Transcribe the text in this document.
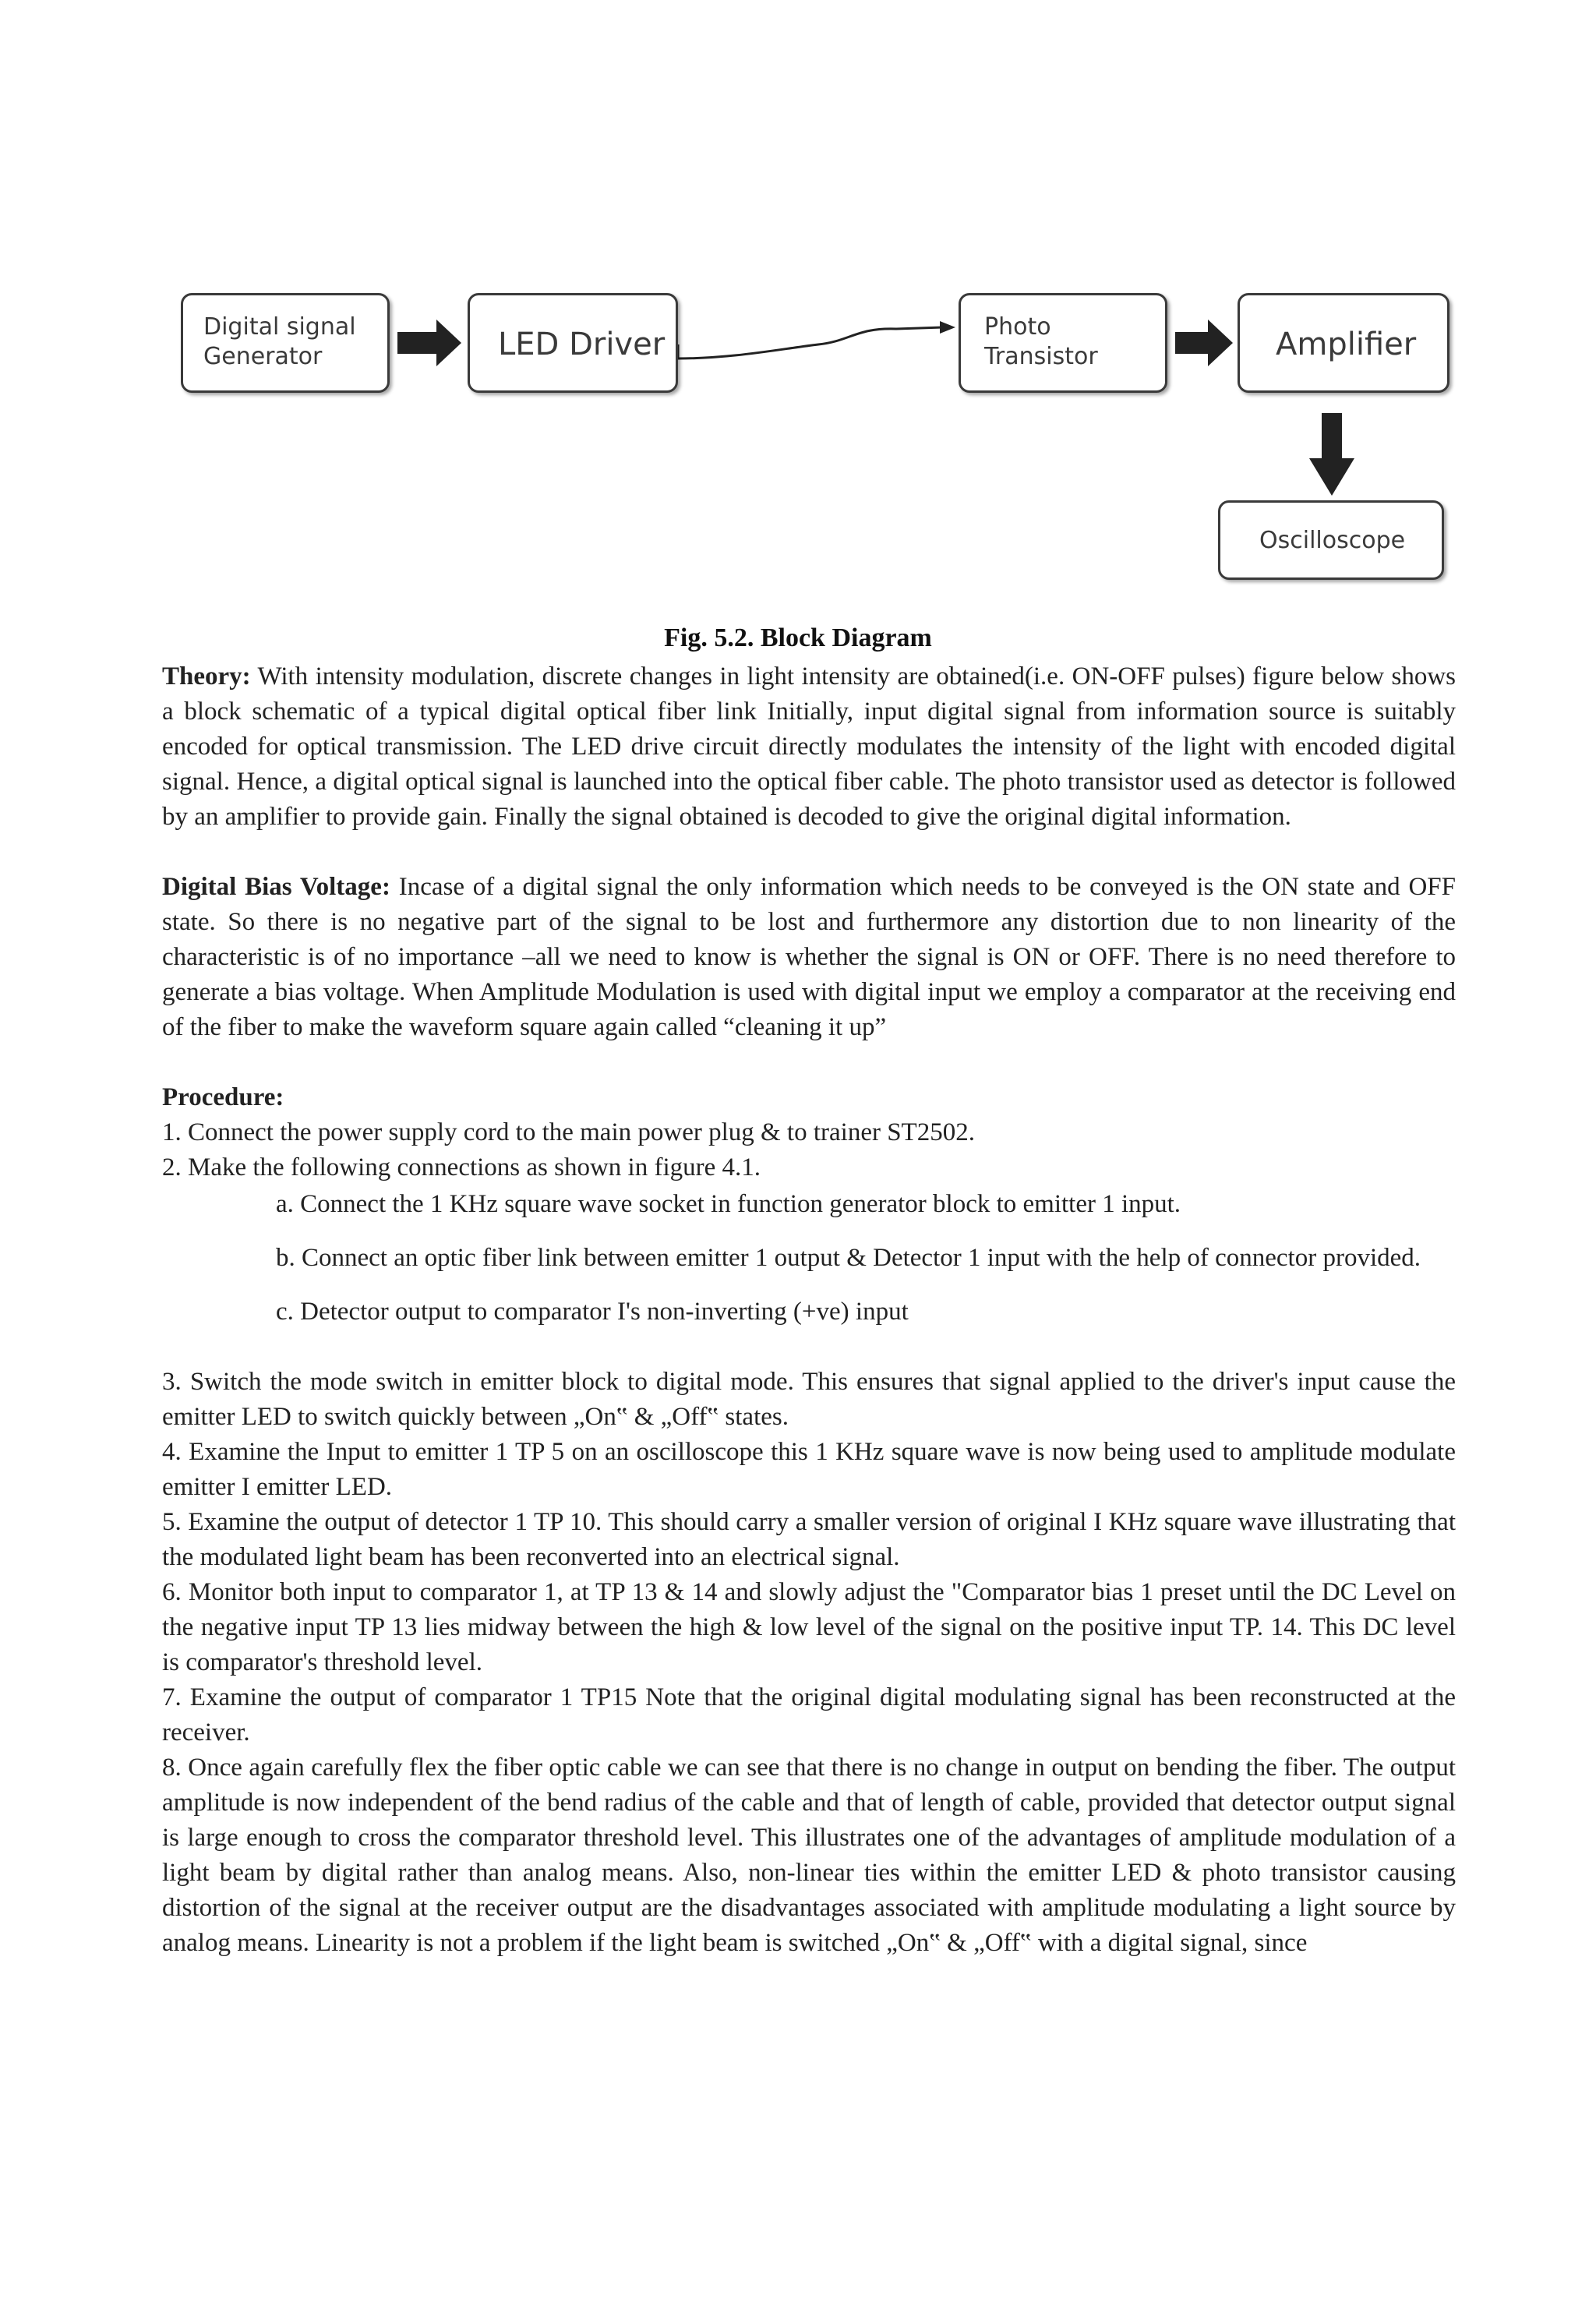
Digital signal
Generator	LED Driver	Photo
Transistor	Amplifier
Oscilloscope
Fig. 5.2. Block Diagram

Theory: With intensity modulation, discrete changes in light intensity are obtained(i.e. ON-OFF pulses) figure below shows a block schematic of a typical digital optical fiber link Initially, input digital signal from information source is suitably encoded for optical transmission. The LED drive circuit directly modulates the intensity of the light with encoded digital signal. Hence, a digital optical signal is launched into the optical fiber cable. The photo transistor used as detector is followed by an amplifier to provide gain. Finally the signal obtained is decoded to give the original digital information.

Digital Bias Voltage: Incase of a digital signal the only information which needs to be conveyed is the ON state and OFF state. So there is no negative part of the signal to be lost and furthermore any distortion due to non linearity of the characteristic is of no importance –all we need to know is whether the signal is ON or OFF. There is no need therefore to generate a bias voltage. When Amplitude Modulation is used with digital input we employ a comparator at the receiving end of the fiber to make the waveform square again called “cleaning it up”

Procedure:

1. Connect the power supply cord to the main power plug & to trainer ST2502.

2. Make the following connections as shown in figure 4.1.

a. Connect the 1 KHz square wave socket in function generator block to emitter 1 input.

b. Connect an optic fiber link between emitter 1 output & Detector 1 input with the help of connector provided.

c. Detector output to comparator I's non-inverting (+ve) input

3. Switch the mode switch in emitter block to digital mode. This ensures that signal applied to the driver's input cause the emitter LED to switch quickly between „On‟ & „Off‟ states.

4. Examine the Input to emitter 1 TP 5 on an oscilloscope this 1 KHz square wave is now being used to amplitude modulate emitter I emitter LED.

5. Examine the output of detector 1 TP 10. This should carry a smaller version of original I KHz square wave illustrating that the modulated light beam has been reconverted into an electrical signal.

6. Monitor both input to comparator 1, at TP 13 & 14 and slowly adjust the "Comparator bias 1 preset until the DC Level on the negative input TP 13 lies midway between the high & low level of the signal on the positive input TP. 14. This DC level is comparator's threshold level.

7. Examine the output of comparator 1 TP15 Note that the original digital modulating signal has been reconstructed at the receiver.

8. Once again carefully flex the fiber optic cable we can see that there is no change in output on bending the fiber. The output amplitude is now independent of the bend radius of the cable and that of length of cable, provided that detector output signal is large enough to cross the comparator threshold level. This illustrates one of the advantages of amplitude modulation of a light beam by digital rather than analog means. Also, non-linear ties within the emitter LED & photo transistor causing distortion of the signal at the receiver output are the disadvantages associated with amplitude modulating a light source by analog means. Linearity is not a problem if the light beam is switched „On‟ & „Off‟ with a digital signal, since
